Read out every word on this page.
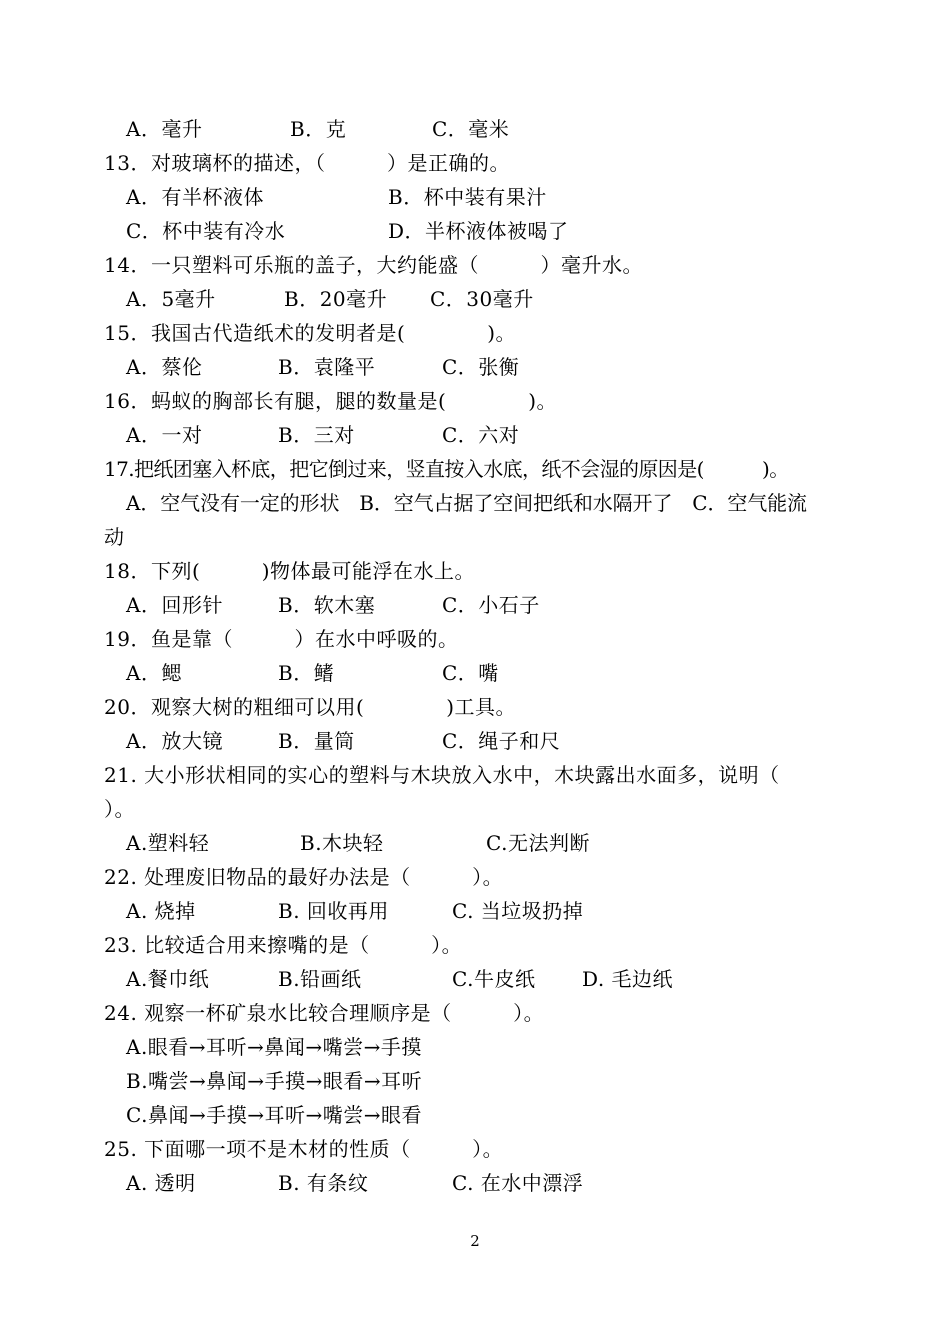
A．毫升	B．克	C．毫米
13．对玻璃杯的描述，（　　　）是正确的。
A．有半杯液体	B．杯中装有果汁
C．杯中装有冷水	D．半杯液体被喝了
14．一只塑料可乐瓶的盖子，大约能盛（　　　）毫升水。
A．5毫升	B．20毫升 C．30毫升
15．我国古代造纸术的发明者是(　　　　)。
A．蔡伦	B．袁隆平	C．张衡
16．蚂蚁的胸部长有腿，腿的数量是(　　　　)。
A．一对	B．三对	C．六对
17.把纸团塞入杯底，把它倒过来，竖直按入水底，纸不会湿的原因是(　　　)。
A．空气没有一定的形状　B．空气占据了空间把纸和水隔开了　C．空气能流
动
18．下列(　　　)物体最可能浮在水上。
A．回形针	B．软木塞	C．小石子
19．鱼是靠（　　　）在水中呼吸的。
A．鳃	B．鳍	C．嘴
20．观察大树的粗细可以用(　　　　)工具。
A．放大镜	B．量筒	C．绳子和尺
21. 大小形状相同的实心的塑料与木块放入水中，木块露出水面多，说明（
）。
A.塑料轻	B.木块轻	C.无法判断
22. 处理废旧物品的最好办法是（　　　）。
A. 烧掉	B. 回收再用	C. 当垃圾扔掉
23. 比较适合用来擦嘴的是（　　　）。
A.餐巾纸	B.铅画纸	C.牛皮纸 D. 毛边纸
24. 观察一杯矿泉水比较合理顺序是（　　　）。
A.眼看→耳听→鼻闻→嘴尝→手摸
B.嘴尝→鼻闻→手摸→眼看→耳听
C.鼻闻→手摸→耳听→嘴尝→眼看
25. 下面哪一项不是木材的性质（　　　）。
A. 透明	B. 有条纹	C. 在水中漂浮
2
